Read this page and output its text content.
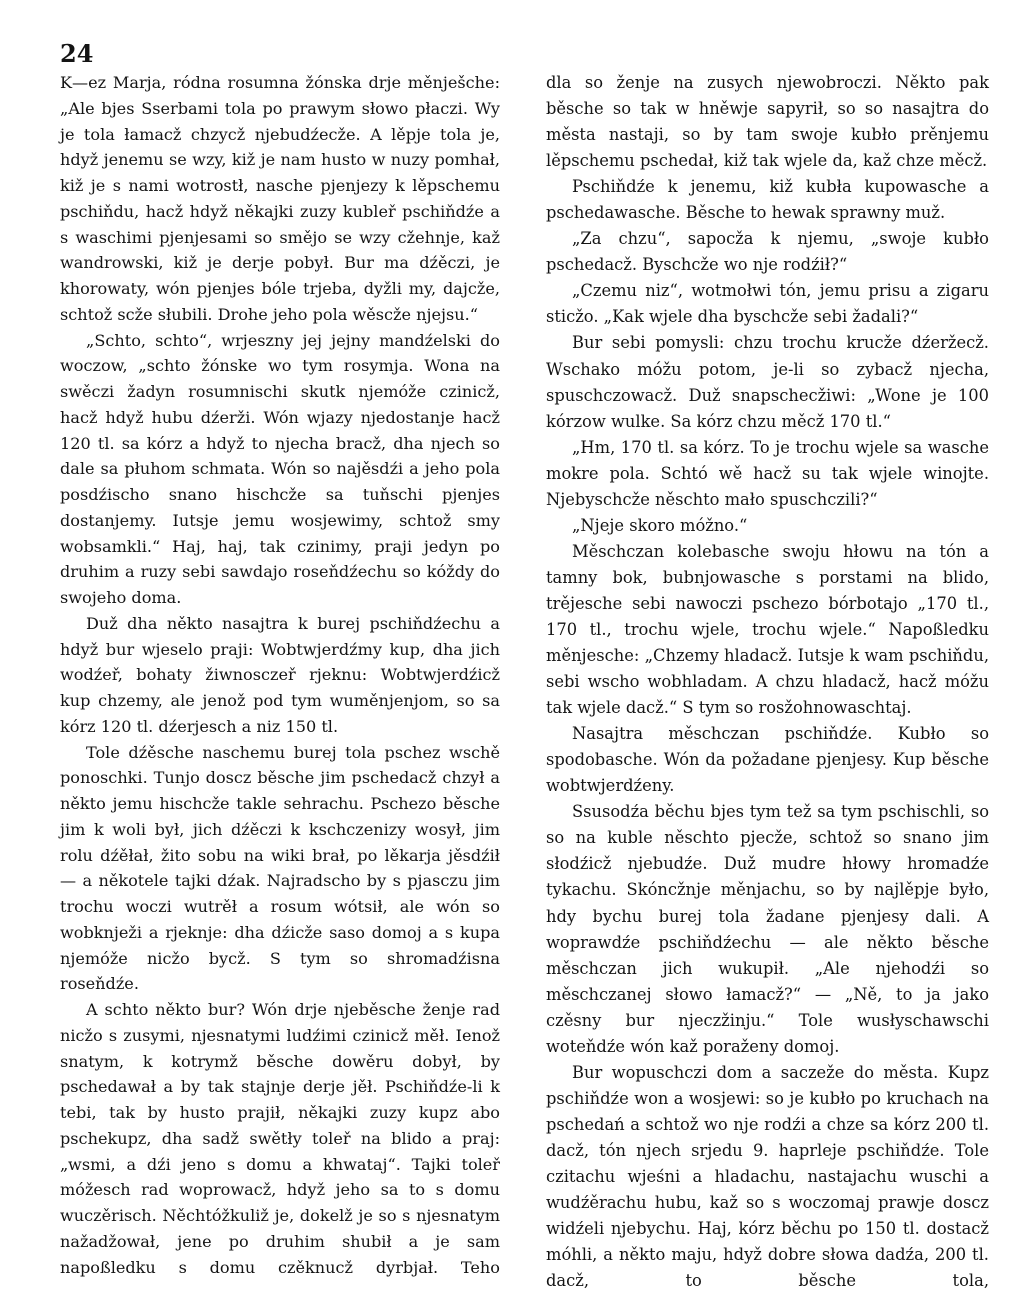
24

K—ez Marja, ródna rosumna žónska drje měnješche: „Ale bjes Sserbami tola po prawym słowo płaczi. Wy je tola łamacž chzycž njebudźecže. A lěpje tola je, hdyž jenemu se wzy, kiž je nam husto w nuzy pomhał, kiž je s nami wotrostł, nasche pjenjezy k lěpschemu pschiňdu, hacž hdyž někajki zuzy kubleř pschiňdźe a s waschimi pjenjesami so smějo se wzy cžehnje, kaž wandrowski, kiž je derje pobył. Bur ma dźěczi, je khorowaty, wón pjenjes bóle trjeba, dyžli my, dajcže, schtož scže słubili. Drohe jeho pola wěscže njejsu.“

„Schto, schto“, wrjeszny jej jejny mandźelski do woczow, „schto žónske wo tym rosymja. Wona na swěczi žadyn rosumnischi skutk njemóže czinicž, hacž hdyž hubu dźerži. Wón wjazy njedostanje hacž 120 tl. sa kórz a hdyž to njecha bracž, dha njech so dale sa płuhom schmata. Wón so najěsdźi a jeho pola posdźischo snano hischcže sa tuňschi pjenjes dostanjemy. Iutsje jemu wosjewimy, schtož smy wobsamkli.“ Haj, haj, tak czinimy, praji jedyn po druhim a ruzy sebi sawdajo roseňdźechu so kóždy do swojeho doma.

Duž dha někto nasajtra k burej pschiňdźechu a hdyž bur wjeselo praji: Wobtwjerdźmy kup, dha jich wodźeř, bohaty žiwnosczeř rjeknu: Wobtwjerdźicž kup chzemy, ale jenož pod tym wuměnjenjom, so sa kórz 120 tl. dźerjesch a niz 150 tl.

Tole dźěsche naschemu burej tola pschez wschě ponoschki. Tunjo doscz běsche jim pschedacž chzył a někto jemu hischcže takle sehrachu. Pschezo běsche jim k woli był, jich dźěczi k kschczenizy wosył, jim rolu dźěłał, žito sobu na wiki brał, po lěkarja jěsdźił — a někotele tajki dźak. Najradscho by s pjasczu jim trochu woczi wutrěł a rosum wótsił, ale wón so wobknježi a rjeknje: dha dźicže saso domoj a s kupa njemóže nicžo bycž. S tym so shromadźisna roseňdźe.

A schto někto bur? Wón drje njeběsche ženje rad nicžo s zusymi, njesnatymi ludźimi czinicž měł. Ienož snatym, k kotrymž běsche dowěru dobył, by pschedawał a by tak stajnje derje jěł. Pschiňdźe-li k tebi, tak by husto prajił, někajki zuzy kupz abo pschekupz, dha sadž swětły toleř na blido a praj: „wsmi, a dźi jeno s domu a khwataj“. Tajki toleř móžesch rad woprowacž, hdyž jeho sa to s domu wuczěrisch. Něchtóžkuliž je, dokelž je so s njesnatym nažadžował, jene po druhim shubił a je sam napoßledku s domu czěknucž dyrbjał. Teho

dla so ženje na zusych njewobroczi. Někto pak běsche so tak w hněwje sapyrił, so so nasajtra do města nastaji, so by tam swoje kubło prěnjemu lěpschemu pschedał, kiž tak wjele da, kaž chze měcž.

Pschiňdźe k jenemu, kiž kubła kupowasche a pschedawasche. Běsche to hewak sprawny muž.

„Za chzu“, sapocža k njemu, „swoje kubło pschedacž. Byschcže wo nje rodźił?“

„Czemu niz“, wotmołwi tón, jemu prisu a zigaru sticžo. „Kak wjele dha byschcže sebi žadali?“

Bur sebi pomysli: chzu trochu krucže dźeržecž. Wschako móžu potom, je-li so zybacž njecha, spuschczowacž. Duž snapschecžiwi: „Wone je 100 kórzow wulke. Sa kórz chzu měcž 170 tl.“

„Hm, 170 tl. sa kórz. To je trochu wjele sa wasche mokre pola. Schtó wě hacž su tak wjele winojte. Njebyschcže něschto mało spuschczili?“

„Njeje skoro móžno.“

Měschczan kolebasche swoju hłowu na tón a tamny bok, bubnjowasche s porstami na blido, trějesche sebi nawoczi pschezo bórbotajo „170 tl., 170 tl., trochu wjele, trochu wjele.“ Napoßledku měnjesche: „Chzemy hladacž. Iutsje k wam pschiňdu, sebi wscho wobhladam. A chzu hladacž, hacž móžu tak wjele dacž.“ S tym so rosžohnowaschtaj.

Nasajtra měschczan pschiňdźe. Kubło so spodobasche. Wón da požadane pjenjesy. Kup běsche wobtwjerdźeny.

Ssusodźa běchu bjes tym tež sa tym pschischli, so so na kuble něschto pjecže, schtož so snano jim słodźicž njebudźe. Duž mudre hłowy hromadźe tykachu. Skóncžnje měnjachu, so by najlěpje było, hdy bychu burej tola žadane pjenjesy dali. A woprawdźe pschiňdźechu — ale někto běsche měschczan jich wukupił. „Ale njehodźi so měschczanej słowo łamacž?“ — „Ně, to ja jako czěsny bur njeczžinju.“ Tole wusłyschawschi woteňdźe wón kaž poraženy domoj.

Bur wopuschczi dom a saczeže do města. Kupz pschiňdźe won a wosjewi: so je kubło po kruchach na pschedań a schtož wo nje rodźi a chze sa kórz 200 tl. dacž, tón njech srjedu 9. haprleje pschiňdźe. Tole czitachu wjeśni a hladachu, nastajachu wuschi a wudźěrachu hubu, kaž so s woczomaj prawje doscz widźeli njebychu. Haj, kórz běchu po 150 tl. dostacž móhli, a někto maju, hdyž dobre słowa dadźa, 200 tl. dacž, to běsche tola,
